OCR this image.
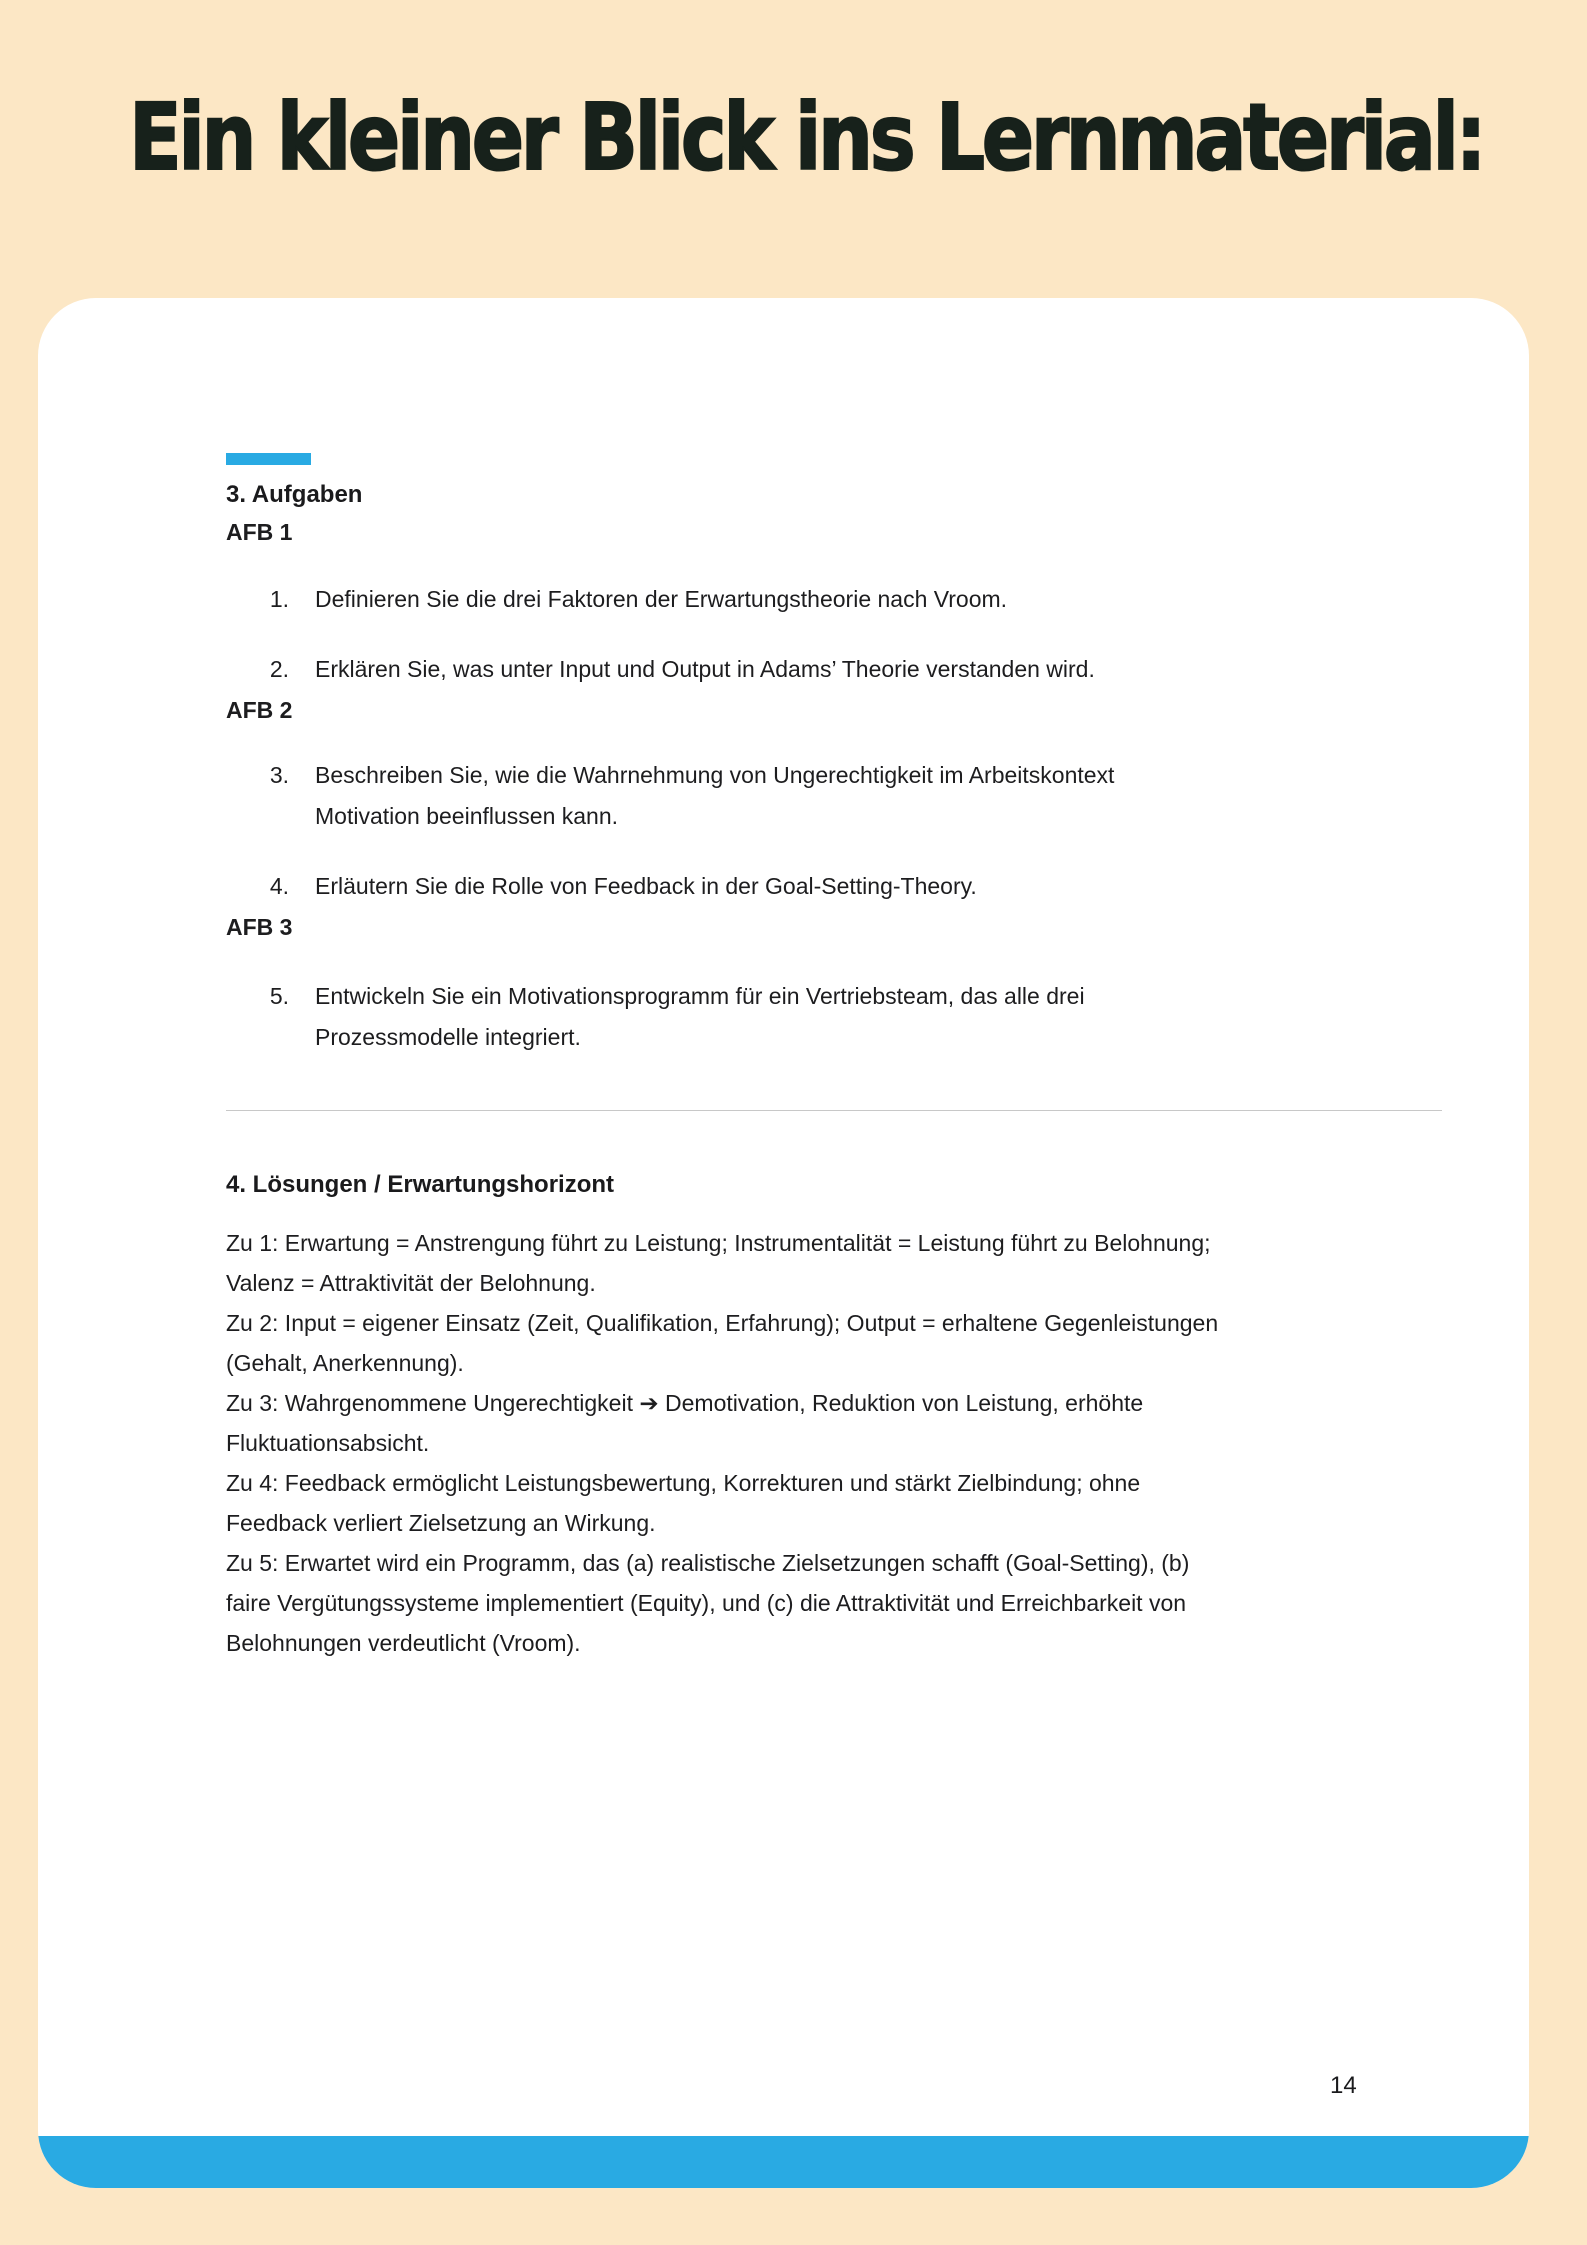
Ein kleiner Blick ins Lernmaterial:
3. Aufgaben
AFB 1
1.	Definieren Sie die drei Faktoren der Erwartungstheorie nach Vroom.
2.	Erklären Sie, was unter Input und Output in Adams’ Theorie verstanden wird.
AFB 2
3.	Beschreiben Sie, wie die Wahrnehmung von Ungerechtigkeit im Arbeitskontext
Motivation beeinflussen kann.
4.	Erläutern Sie die Rolle von Feedback in der Goal-Setting-Theory.
AFB 3
5.	Entwickeln Sie ein Motivationsprogramm für ein Vertriebsteam, das alle drei
Prozessmodelle integriert.
4. Lösungen / Erwartungshorizont
Zu 1: Erwartung = Anstrengung führt zu Leistung; Instrumentalität = Leistung führt zu Belohnung;
Valenz = Attraktivität der Belohnung.
Zu 2: Input = eigener Einsatz (Zeit, Qualifikation, Erfahrung); Output = erhaltene Gegenleistungen
(Gehalt, Anerkennung).
Zu 3: Wahrgenommene Ungerechtigkeit ➔ Demotivation, Reduktion von Leistung, erhöhte
Fluktuationsabsicht.
Zu 4: Feedback ermöglicht Leistungsbewertung, Korrekturen und stärkt Zielbindung; ohne
Feedback verliert Zielsetzung an Wirkung.
Zu 5: Erwartet wird ein Programm, das (a) realistische Zielsetzungen schafft (Goal-Setting), (b)
faire Vergütungssysteme implementiert (Equity), und (c) die Attraktivität und Erreichbarkeit von
Belohnungen verdeutlicht (Vroom).
14
